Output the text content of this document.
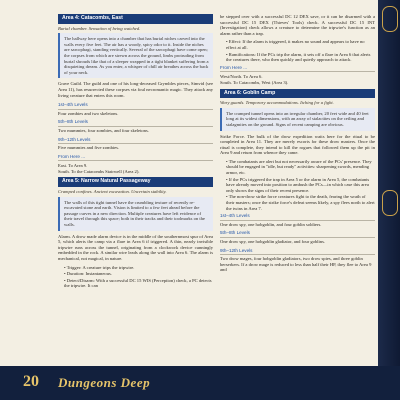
Area 4: Catacombs, East
Burial chamber. Sensation of being watched.
The hallway here opens into a chamber that has burial niches carved into the walls every five feet. The air has a woody, spicy odor to it. Inside the niches are sarcophagi, standing vertically. Several of the sarcophagi have come open; the corpses from which are strewn across the ground, limbs protruding from burial shrouds like that of a sleeper wrapped in a tight blanket suffering from a disquieting dream. As you enter, a whisper of chill air breathes across the back of your neck.
Grave Guild. The guild and one of his long-deceased Grymbles pieces, Simvid (see Area 11), has resurrected these corpses via foul necromantic magic. They attack any living creature that enters this room.
1st–4th Levels
Four zombies and two skeletons.
5th–8th Levels
Two mummies, four zombies, and four skeletons.
9th–12th Levels
Five mummies and five zombies.
From Here ...
East. To Area 9.
South. To the Catacombs Stairwell (Area 2).
Area 5: Narrow Natural Passageway
Cramped confines. Ancient excavation. Uncertain stability.
The walls of this tight tunnel have the crumbling texture of recently re-excavated stone and earth. Vision is limited to a few feet ahead before the passage curves in a new direction. Multiple creatures have left evidence of their travel through this space; both in their tracks and their toolmarks on the walls.
Alarm. A drow made alarm device is in the middle of the southernmost spur of Area 5, which alerts the camp via a flare in Area 6 if triggered. A thin, nearly invisible tripwire runs across the tunnel, originating from a clockwork device cunningly embedded in the rock. A similar wire leads along the wall into Area 6. The alarm is mechanical, not magical, in nature.
• Trigger: A creature trips the tripwire.
• Duration: Instantaneous.
• Detect/Disarm: With a successful DC 15 WIS (Perception) check, a PC detects the tripwire. It can
be stepped over with a successful DC 12 DEX save, or it can be disarmed with a successful DC 15 DEX (Thieves' Tools) check. A successful DC 15 INT (Investigation) check allows a creature to determine the tripwire's function as an alarm rather than a trap.
• Effect: If the alarm is triggered, it makes no sound and appears to have no effect at all.
• Ramifications: If the PCs trip the alarm, it sets off a flare in Area 6 that alerts the creatures there, who then quickly and quietly approach to attack.
From Here ...
West/North. To Area 6.
South. To Catacombs, West (Area 3).
Area 6: Goblin Camp
Wary guards. Temporary accommodations. Itching for a fight.
The cramped tunnel opens into an irregular chamber, 20 feet wide and 40 feet long at its widest dimensions, with an array of stalactites on the ceiling and stalagmites on the ground. Signs of recent camping are obvious.
Strike Force. The bulk of the drow expedition waits here for the ritual to be completed in Area 11. They are merely escorts for these drow masters. Once the ritual is complete, they intend to kill the rogues that followed them up the pit in Area 9 and return from whence they came.
• The combatants are alert but not necessarily aware of the PCs' presence. They should be engaged in "idle, but ready" activities: sharpening swords, mending armor, etc.
• If the PCs triggered the trap in Area 5 or the alarm in Area 5, the combatants have already moved into position to ambush the PCs—in which case this area only shows the signs of their recent presence.
• The non-drow strike force creatures fight to the death, fearing the wrath of their masters; once the strike force's defeat seems likely, a spy flees north to alert the twins in Area 7.
1st–4th Levels
One drow spy, one hobgoblin, and four goblin soldiers.
5th–8th Levels
One drow spy, one hobgoblin gladiator, and four goblins.
9th–12th Levels
Two drow mages, four hobgoblin gladiators, two drow spies, and three goblin berserkers. If a drow mage is reduced to less than half their HP, they flee to Area 9 and
20	Dungeons Deep
